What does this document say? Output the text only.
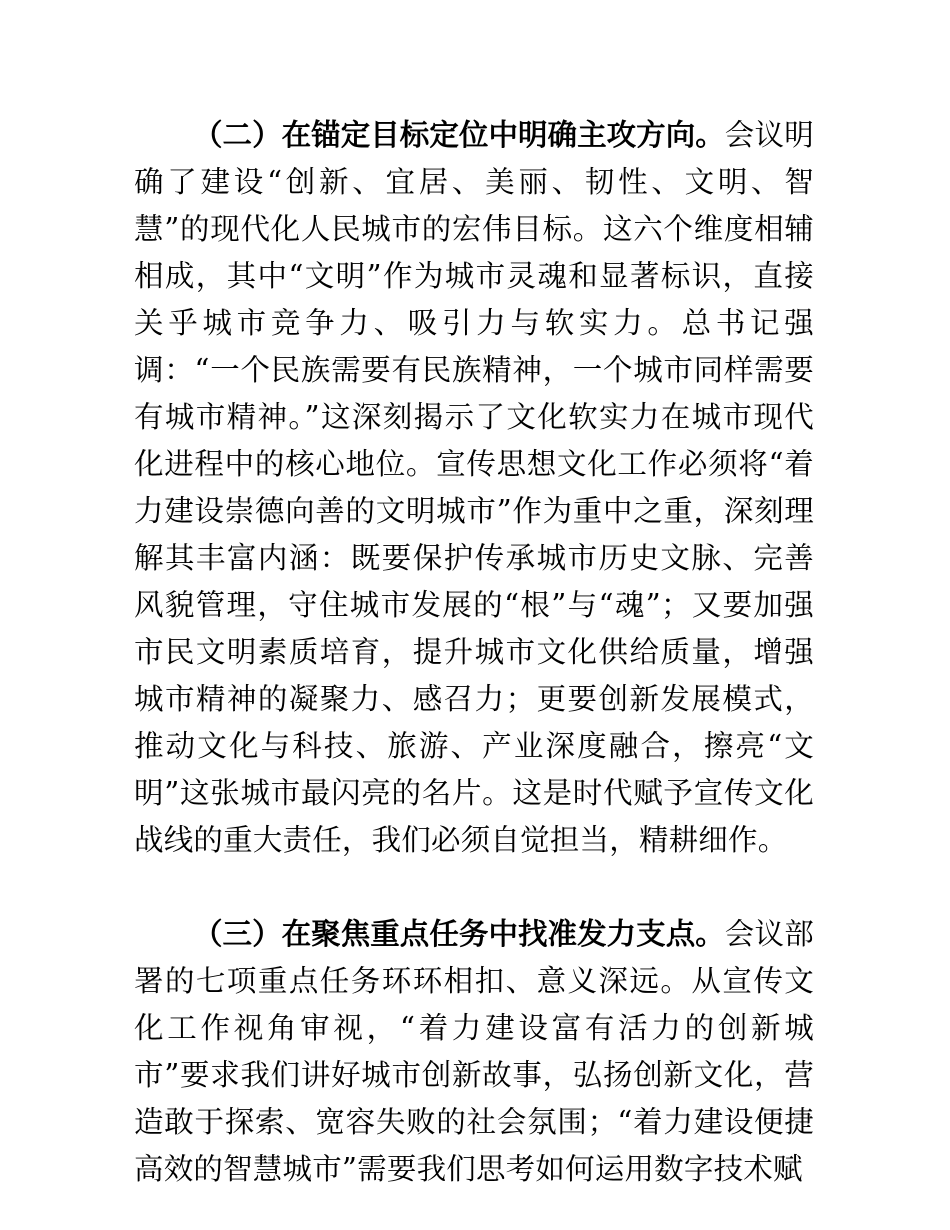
（二）在锚定目标定位中明确主攻方向。会议明确了建设“创新、宜居、美丽、韧性、文明、智慧”的现代化人民城市的宏伟目标。这六个维度相辅相成，其中“文明”作为城市灵魂和显著标识，直接关乎城市竞争力、吸引力与软实力。总书记强调：“一个民族需要有民族精神，一个城市同样需要有城市精神。”这深刻揭示了文化软实力在城市现代化进程中的核心地位。宣传思想文化工作必须将“着力建设崇德向善的文明城市”作为重中之重，深刻理解其丰富内涵：既要保护传承城市历史文脉、完善风貌管理，守住城市发展的“根”与“魂”；又要加强市民文明素质培育，提升城市文化供给质量，增强城市精神的凝聚力、感召力；更要创新发展模式，推动文化与科技、旅游、产业深度融合，擦亮“文明”这张城市最闪亮的名片。这是时代赋予宣传文化战线的重大责任，我们必须自觉担当，精耕细作。

（三）在聚焦重点任务中找准发力支点。会议部署的七项重点任务环环相扣、意义深远。从宣传文化工作视角审视，“着力建设富有活力的创新城市”要求我们讲好城市创新故事，弘扬创新文化，营造敢于探索、宽容失败的社会氛围；“着力建设便捷高效的智慧城市”需要我们思考如何运用数字技术赋
